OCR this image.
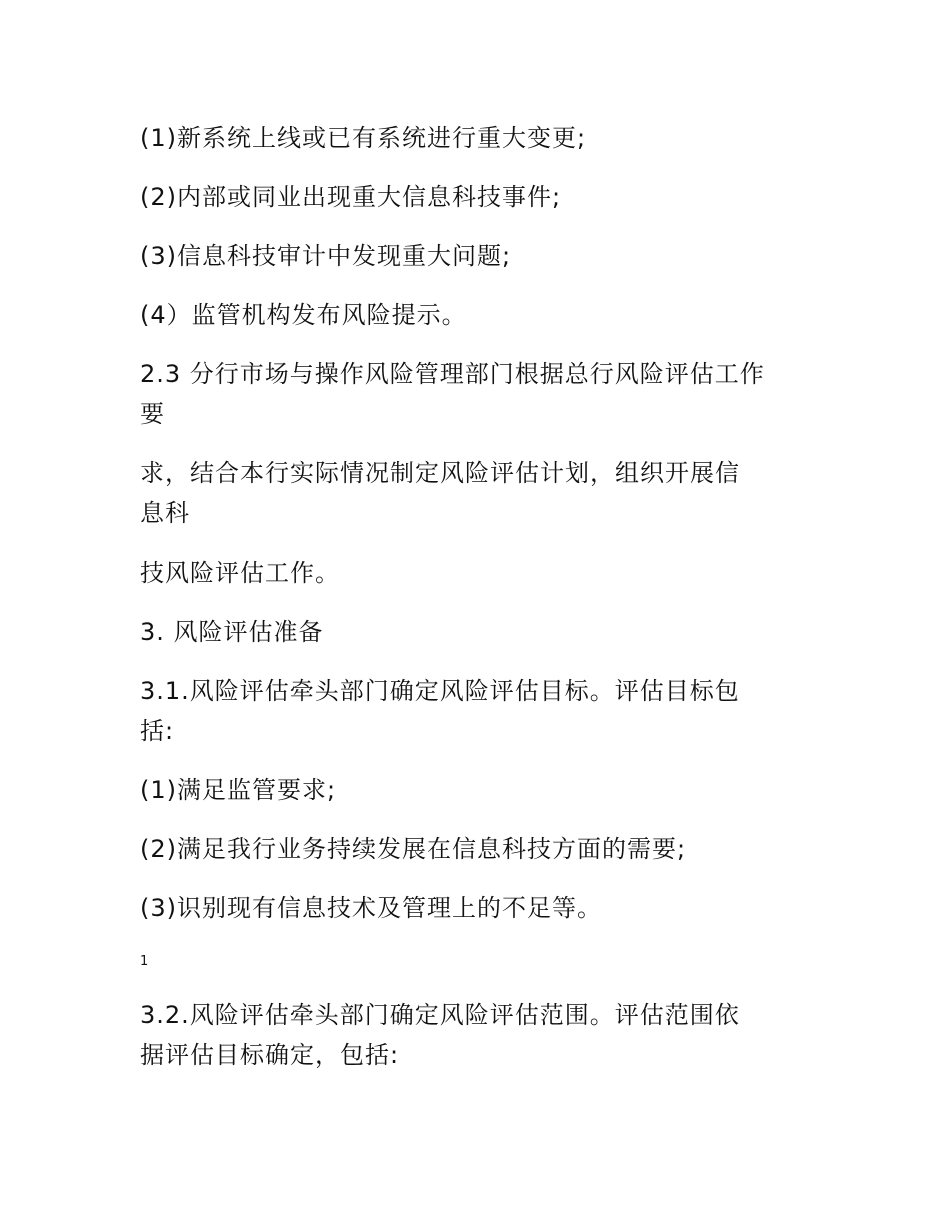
(1)新系统上线或已有系统进行重大变更;
(2)内部或同业出现重大信息科技事件;
(3)信息科技审计中发现重大问题;
(4）监管机构发布风险提示。
2.3 分行市场与操作风险管理部门根据总行风险评估工作
要
求，结合本行实际情况制定风险评估计划，组织开展信
息科
技风险评估工作。
3. 风险评估准备
3.1.风险评估牵头部门确定风险评估目标。评估目标包
括:
(1)满足监管要求;
(2)满足我行业务持续发展在信息科技方面的需要;
(3)识别现有信息技术及管理上的不足等。
1
3.2.风险评估牵头部门确定风险评估范围。评估范围依
据评估目标确定，包括:
